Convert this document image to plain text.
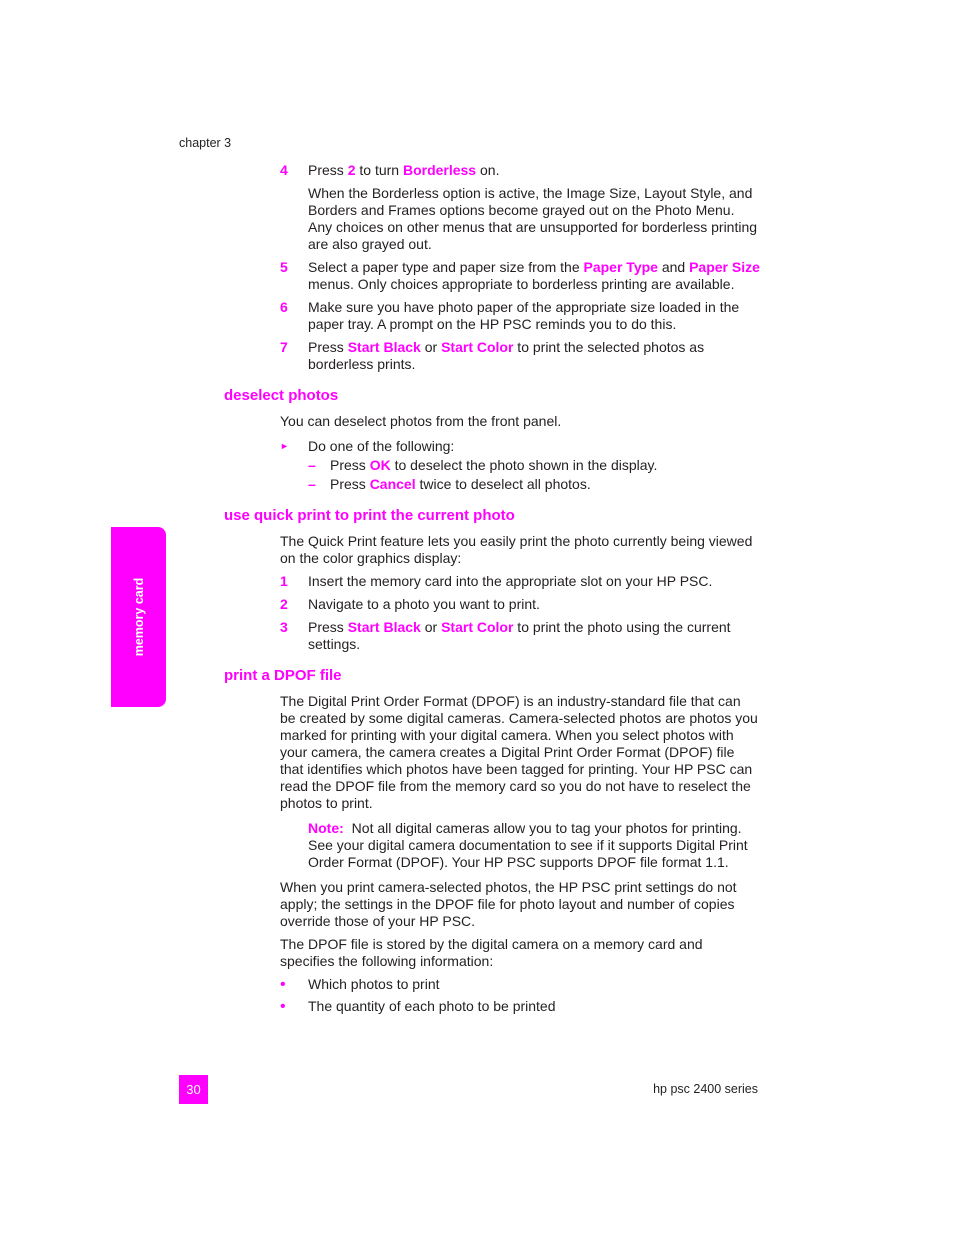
chapter 3
memory card
4 Press 2 to turn Borderless on.

When the Borderless option is active, the Image Size, Layout Style, and Borders and Frames options become grayed out on the Photo Menu. Any choices on other menus that are unsupported for borderless printing are also grayed out.

5 Select a paper type and paper size from the Paper Type and Paper Size menus. Only choices appropriate to borderless printing are available.

6 Make sure you have photo paper of the appropriate size loaded in the paper tray. A prompt on the HP PSC reminds you to do this.

7 Press Start Black or Start Color to print the selected photos as borderless prints.

deselect photos

You can deselect photos from the front panel.

► Do one of the following:
– Press OK to deselect the photo shown in the display.
– Press Cancel twice to deselect all photos.
use quick print to print the current photo

The Quick Print feature lets you easily print the photo currently being viewed on the color graphics display:

1 Insert the memory card into the appropriate slot on your HP PSC.

2 Navigate to a photo you want to print.

3 Press Start Black or Start Color to print the photo using the current settings.

print a DPOF file

The Digital Print Order Format (DPOF) is an industry-standard file that can be created by some digital cameras. Camera-selected photos are photos you marked for printing with your digital camera. When you select photos with your camera, the camera creates a Digital Print Order Format (DPOF) file that identifies which photos have been tagged for printing. Your HP PSC can read the DPOF file from the memory card so you do not have to reselect the photos to print.

Note: Not all digital cameras allow you to tag your photos for printing. See your digital camera documentation to see if it supports Digital Print Order Format (DPOF). Your HP PSC supports DPOF file format 1.1.

When you print camera-selected photos, the HP PSC print settings do not apply; the settings in the DPOF file for photo layout and number of copies override those of your HP PSC.

The DPOF file is stored by the digital camera on a memory card and specifies the following information:

• Which photos to print
• The quantity of each photo to be printed
30	hp psc 2400 series
